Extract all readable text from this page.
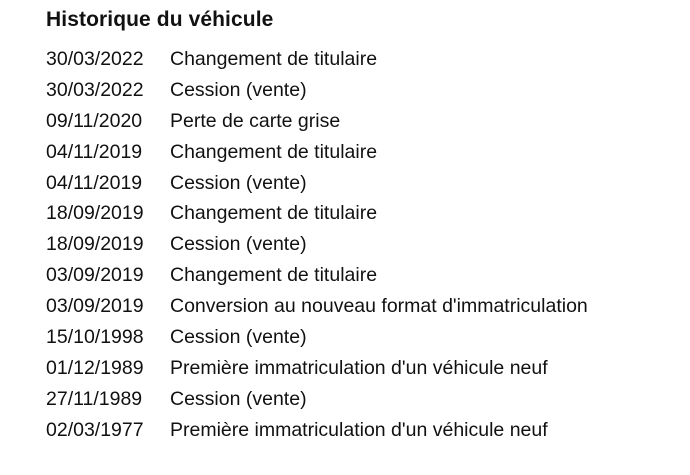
Historique du véhicule
30/03/2022	Changement de titulaire
30/03/2022	Cession (vente)
09/11/2020	Perte de carte grise
04/11/2019	Changement de titulaire
04/11/2019	Cession (vente)
18/09/2019	Changement de titulaire
18/09/2019	Cession (vente)
03/09/2019	Changement de titulaire
03/09/2019	Conversion au nouveau format d'immatriculation
15/10/1998	Cession (vente)
01/12/1989	Première immatriculation d'un véhicule neuf
27/11/1989	Cession (vente)
02/03/1977	Première immatriculation d'un véhicule neuf
